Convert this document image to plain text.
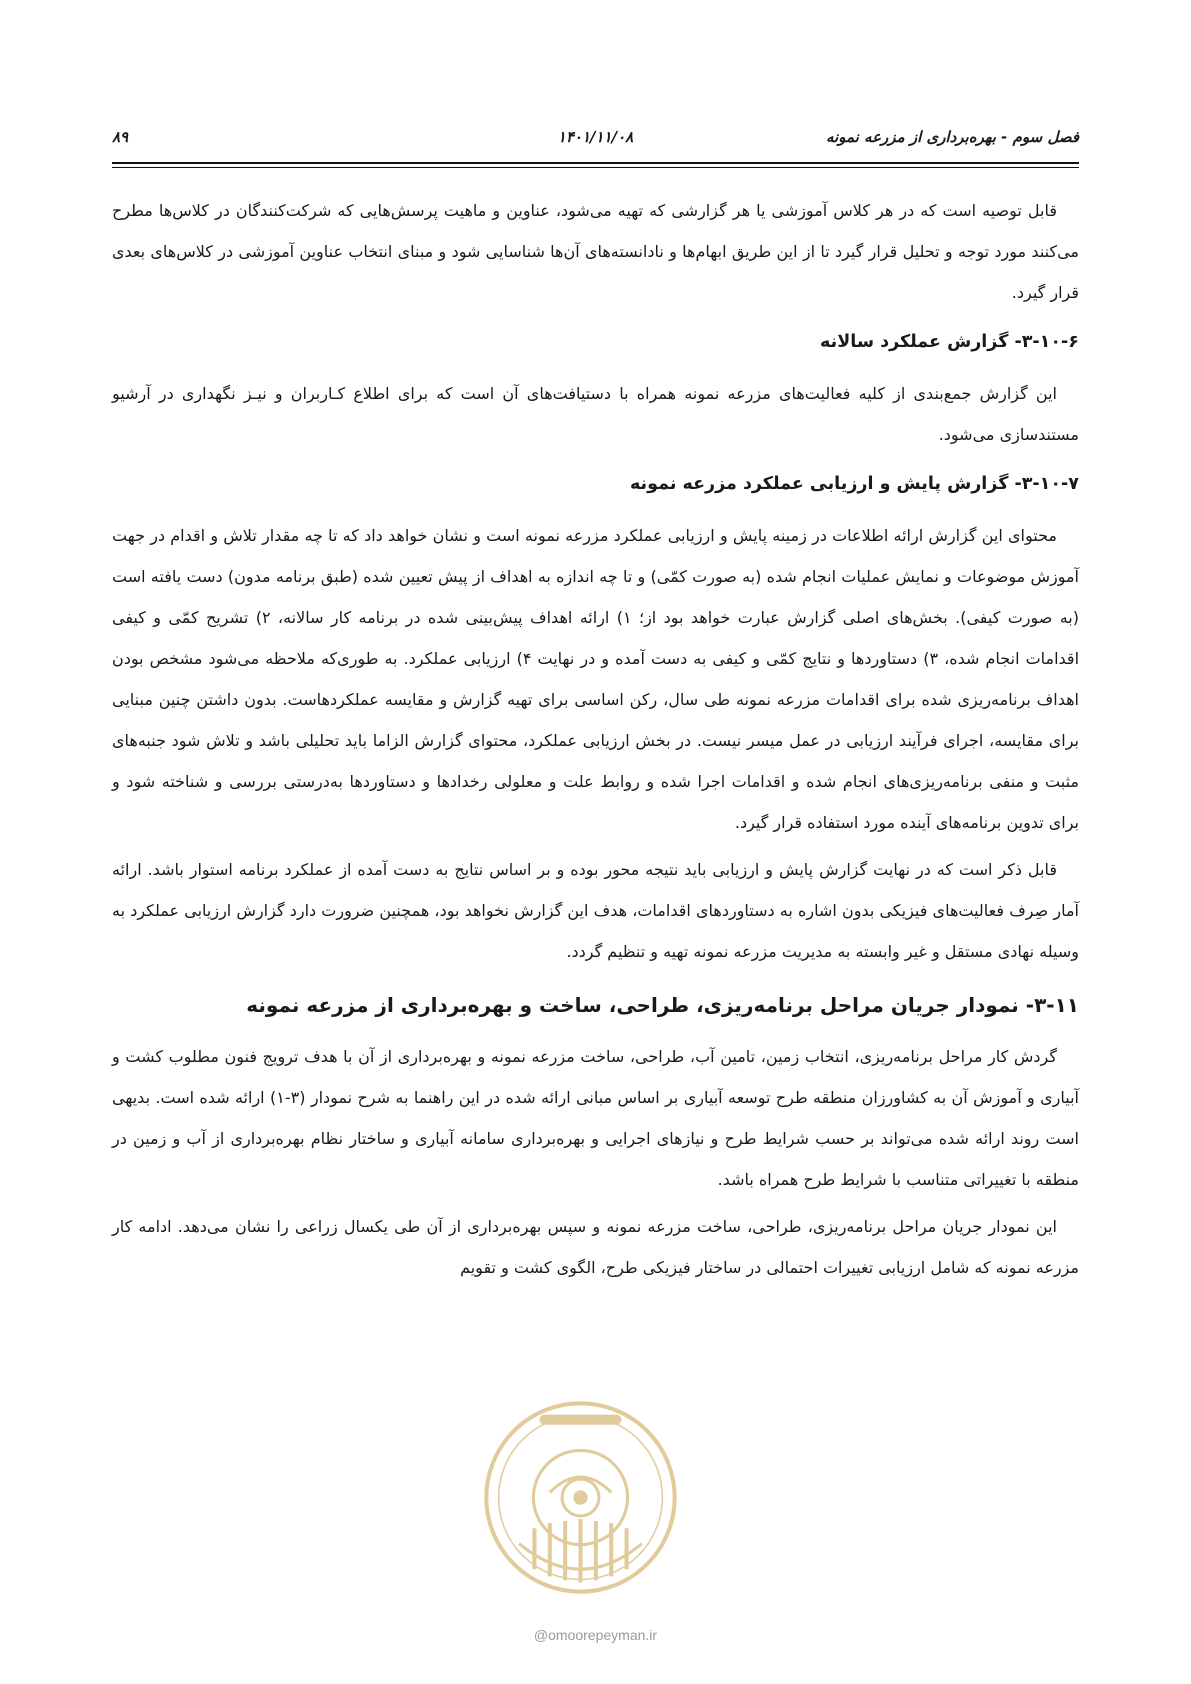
فصل سوم - بهره‌برداری از مزرعه نمونه
۱۴۰۱/۱۱/۰۸
۸۹

قابل توصیه است که در هر کلاس آموزشی یا هر گزارشی که تهیه می‌شود، عناوین و ماهیت پرسش‌هایی که شرکت‌کنندگان در کلاس‌ها مطرح می‌کنند مورد توجه و تحلیل قرار گیرد تا از این طریق ابهام‌ها و نادانسته‌های آن‌ها شناسایی شود و مبنای انتخاب عناوین آموزشی در کلاس‌های بعدی قرار گیرد.

۳-۱۰-۶- گزارش عملکرد سالانه

این گزارش جمع‌بندی از کلیه فعالیت‌های مزرعه نمونه همراه با دستیافت‌های آن است که برای اطلاع کـاربران و نیـز نگهداری در آرشیو مستندسازی می‌شود.

۳-۱۰-۷- گزارش پایش و ارزیابی عملکرد مزرعه نمونه

محتوای این گزارش ارائه اطلاعات در زمینه پایش و ارزیابی عملکرد مزرعه نمونه است و نشان خواهد داد که تا چه مقدار تلاش و اقدام در جهت آموزش موضوعات و نمایش عملیات انجام شده (به صورت کمّی) و تا چه اندازه به اهداف از پیش تعیین شده (طبق برنامه مدون) دست یافته است (به صورت کیفی). بخش‌های اصلی گزارش عبارت خواهد بود از؛ ۱) ارائه اهداف پیش‌بینی شده در برنامه کار سالانه، ۲) تشریح کمّی و کیفی اقدامات انجام شده، ۳) دستاوردها و نتایج کمّی و کیفی به دست آمده و در نهایت ۴) ارزیابی عملکرد. به طوری‌که ملاحظه می‌شود مشخص بودن اهداف برنامه‌ریزی شده برای اقدامات مزرعه نمونه طی سال، رکن اساسی برای تهیه گزارش و مقایسه عملکردهاست. بدون داشتن چنین مبنایی برای مقایسه، اجرای فرآیند ارزیابی در عمل میسر نیست. در بخش ارزیابی عملکرد، محتوای گزارش الزاما باید تحلیلی باشد و تلاش شود جنبه‌های مثبت و منفی برنامه‌ریزی‌های انجام شده و اقدامات اجرا شده و روابط علت و معلولی رخدادها و دستاوردها به‌درستی بررسی و شناخته شود و برای تدوین برنامه‌های آینده مورد استفاده قرار گیرد.

قابل ذکر است که در نهایت گزارش پایش و ارزیابی باید نتیجه محور بوده و بر اساس نتایج به دست آمده از عملکرد برنامه استوار باشد. ارائه آمار صِرف فعالیت‌های فیزیکی بدون اشاره به دستاوردهای اقدامات، هدف این گزارش نخواهد بود، همچنین ضرورت دارد گزارش ارزیابی عملکرد به وسیله نهادی مستقل و غیر وابسته به مدیریت مزرعه نمونه تهیه و تنظیم گردد.

۳-۱۱- نمودار جریان مراحل برنامه‌ریزی، طراحی، ساخت و بهره‌برداری از مزرعه نمونه

گردش کار مراحل برنامه‌ریزی، انتخاب زمین، تامین آب، طراحی، ساخت مزرعه نمونه و بهره‌برداری از آن با هدف ترویج فنون مطلوب کشت و آبیاری و آموزش آن به کشاورزان منطقه طرح توسعه آبیاری بر اساس مبانی ارائه شده در این راهنما به شرح نمودار (۳-۱) ارائه شده است. بدیهی است روند ارائه شده می‌تواند بر حسب شرایط طرح و نیازهای اجرایی و بهره‌برداری سامانه آبیاری و ساختار نظام بهره‌برداری از آب و زمین در منطقه با تغییراتی متناسب با شرایط طرح همراه باشد.

این نمودار جریان مراحل برنامه‌ریزی، طراحی، ساخت مزرعه نمونه و سپس بهره‌برداری از آن طی یکسال زراعی را نشان می‌دهد. ادامه کار مزرعه نمونه که شامل ارزیابی تغییرات احتمالی در ساختار فیزیکی طرح، الگوی کشت و تقویم

@omoorepeyman.ir
